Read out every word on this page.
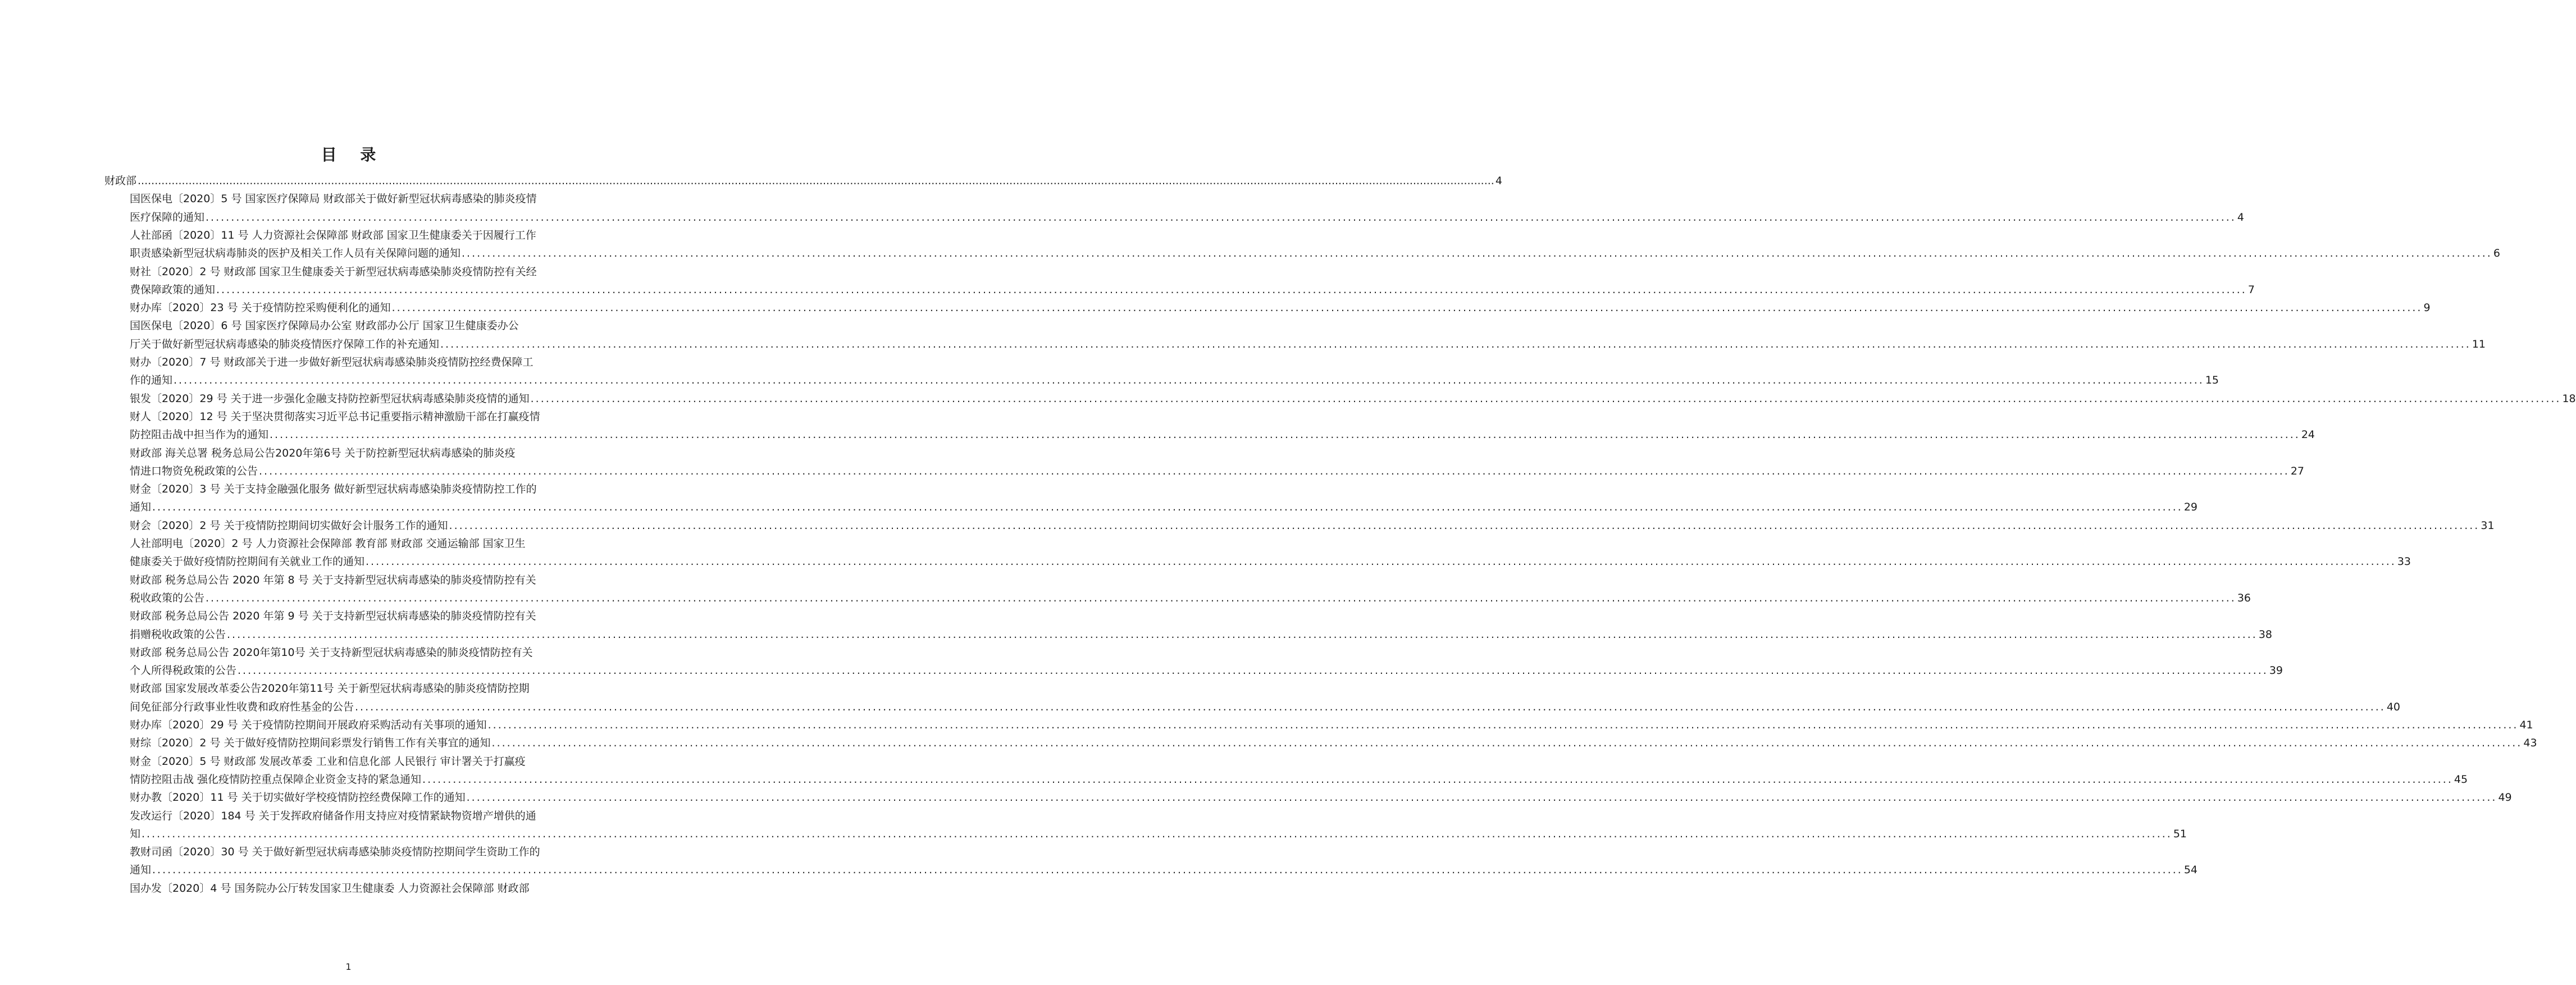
目 录
财政部 ................................................................................................................................................................................................................................................................................................................................................................................................................ 4
国医保电〔2020〕5 号 国家医疗保障局 财政部关于做好新型冠状病毒感染的肺炎疫情
医疗保障的通知 ................................................................................................................................................................................................................................................................................................................................................................................................................ 4
人社部函〔2020〕11 号 人力资源社会保障部 财政部 国家卫生健康委关于因履行工作
职责感染新型冠状病毒肺炎的医护及相关工作人员有关保障问题的通知 ................................................................................................................................................................................................................................................................................................................................................................................................................ 6
财社〔2020〕2 号 财政部 国家卫生健康委关于新型冠状病毒感染肺炎疫情防控有关经
费保障政策的通知 ................................................................................................................................................................................................................................................................................................................................................................................................................ 7
财办库〔2020〕23 号 关于疫情防控采购便利化的通知 ................................................................................................................................................................................................................................................................................................................................................................................................................ 9
国医保电〔2020〕6 号 国家医疗保障局办公室 财政部办公厅 国家卫生健康委办公
厅关于做好新型冠状病毒感染的肺炎疫情医疗保障工作的补充通知 ................................................................................................................................................................................................................................................................................................................................................................................................................ 11
财办〔2020〕7 号 财政部关于进一步做好新型冠状病毒感染肺炎疫情防控经费保障工
作的通知 ................................................................................................................................................................................................................................................................................................................................................................................................................ 15
银发〔2020〕29 号 关于进一步强化金融支持防控新型冠状病毒感染肺炎疫情的通知 ................................................................................................................................................................................................................................................................................................................................................................................................................ 18
财人〔2020〕12 号 关于坚决贯彻落实习近平总书记重要指示精神激励干部在打赢疫情
防控阻击战中担当作为的通知 ................................................................................................................................................................................................................................................................................................................................................................................................................ 24
财政部 海关总署 税务总局公告2020年第6号 关于防控新型冠状病毒感染的肺炎疫
情进口物资免税政策的公告 ................................................................................................................................................................................................................................................................................................................................................................................................................ 27
财金〔2020〕3 号 关于支持金融强化服务 做好新型冠状病毒感染肺炎疫情防控工作的
通知 ................................................................................................................................................................................................................................................................................................................................................................................................................ 29
财会〔2020〕2 号 关于疫情防控期间切实做好会计服务工作的通知 ................................................................................................................................................................................................................................................................................................................................................................................................................ 31
人社部明电〔2020〕2 号 人力资源社会保障部 教育部 财政部 交通运输部 国家卫生
健康委关于做好疫情防控期间有关就业工作的通知 ................................................................................................................................................................................................................................................................................................................................................................................................................ 33
财政部 税务总局公告 2020 年第 8 号 关于支持新型冠状病毒感染的肺炎疫情防控有关
税收政策的公告 ................................................................................................................................................................................................................................................................................................................................................................................................................ 36
财政部 税务总局公告 2020 年第 9 号 关于支持新型冠状病毒感染的肺炎疫情防控有关
捐赠税收政策的公告 ................................................................................................................................................................................................................................................................................................................................................................................................................ 38
财政部 税务总局公告 2020年第10号 关于支持新型冠状病毒感染的肺炎疫情防控有关
个人所得税政策的公告 ................................................................................................................................................................................................................................................................................................................................................................................................................ 39
财政部 国家发展改革委公告2020年第11号 关于新型冠状病毒感染的肺炎疫情防控期
间免征部分行政事业性收费和政府性基金的公告 ................................................................................................................................................................................................................................................................................................................................................................................................................ 40
财办库〔2020〕29 号 关于疫情防控期间开展政府采购活动有关事项的通知 ................................................................................................................................................................................................................................................................................................................................................................................................................ 41
财综〔2020〕2 号 关于做好疫情防控期间彩票发行销售工作有关事宜的通知 ................................................................................................................................................................................................................................................................................................................................................................................................................ 43
财金〔2020〕5 号 财政部 发展改革委 工业和信息化部 人民银行 审计署关于打赢疫
情防控阻击战 强化疫情防控重点保障企业资金支持的紧急通知 ................................................................................................................................................................................................................................................................................................................................................................................................................ 45
财办教〔2020〕11 号 关于切实做好学校疫情防控经费保障工作的通知 ................................................................................................................................................................................................................................................................................................................................................................................................................ 49
发改运行〔2020〕184 号 关于发挥政府储备作用支持应对疫情紧缺物资增产增供的通
知 ................................................................................................................................................................................................................................................................................................................................................................................................................ 51
教财司函〔2020〕30 号 关于做好新型冠状病毒感染肺炎疫情防控期间学生资助工作的
通知 ................................................................................................................................................................................................................................................................................................................................................................................................................ 54
国办发〔2020〕4 号 国务院办公厅转发国家卫生健康委 人力资源社会保障部 财政部
1
